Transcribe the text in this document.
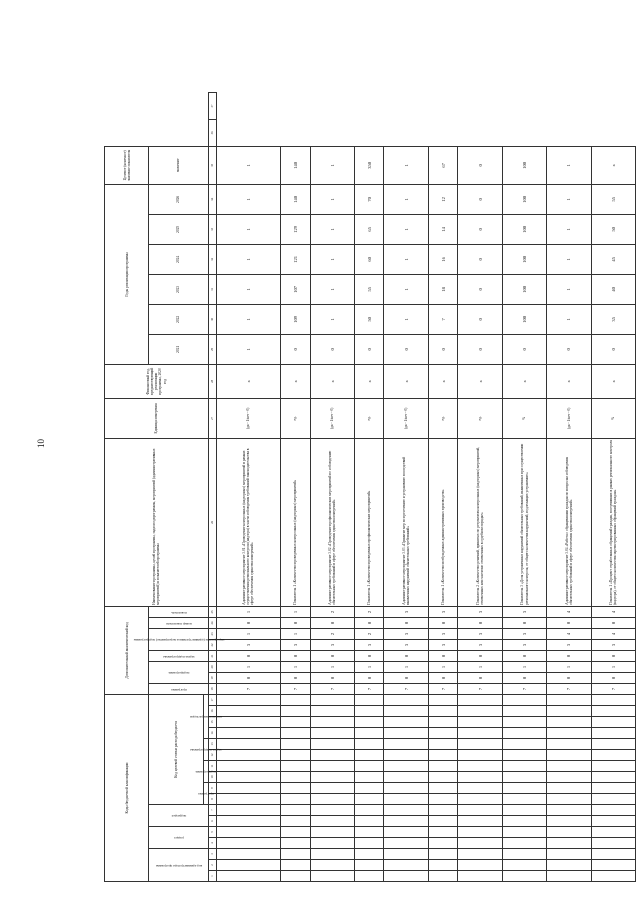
10
Коды бюджетной классификации																	Дополнительный аналитический код								Наименование программы, целей программы, задач подпрограммы, мероприятий (административных мероприятий) и показателей программы	Единица измерения	Финансовый год, предшествующий реализации программы, 2020 год	Годы реализации программы						Целевое (конечное) значение показателя		

код администратора программы			раздел		подраздел		Код целевой статьи расхода бюджета										программа	подпрограмма		задача подпрограммы	мероприятие (административное мероприятие) подпрограммы		номер показателя	показатель				2021	2022	2023	2024	2025	2026	значение		

							программа		подпрограмма		задача подпрограммы		направление расходов																							

1	2	3	4	5	6	7	8	9	10	11	12	13	14	15	16	17	18	19	20	21	22	23	24	25	26	27	28	29	30	31	32	33	34	35	36	37
																	7	0	1	0	3	1	0	1	Административное мероприятие 3.01 «Проведение контрольных (надзорных) мероприятий в рамках осуществления регионального контроля (надзора) в части соблюдения требований законодательства в сфере обеспечения единства измерений»	(да - 1/нет - 0)	х	1	1	1	1	1	1	1		
																	7	0	1	0	3	1	0	1	Показатель 1 «Количество проведенных контрольных (надзорных) мероприятий»	ед.	х	0	109	107	121	129	140	140		
																	7	0	1	0	3	2	0	2	Административное мероприятие 3.02 «Проведение профилактических мероприятий по соблюдению обязательных требований в сфере обеспечения единства измерений»	(да - 1/нет - 0)	х	0	1	1	1	1	1	1		
																	7	0	1	0	3	2	0	2	Показатель 1 «Количество проведенных профилактических мероприятий»	ед.	х	0	50	55	60	65	70	350		
																	7	0	1	0	3	3	0	3	Административное мероприятие 3.03 «Принятие мер по пресечению и устранению последствий выявленных нарушений обязательных требований»	(да - 1/нет - 0)	х	0	1	1	1	1	1	1		
																	7	0	1	0	3	3	0	3	Показатель 1 «Количество возбужденных административных производств»	ед.	х	0	7	18	16	14	12	67		
																	7	0	1	0	3	3	0	3	Показатель 2 «Количество решений, принятых по результатам контрольных (надзорных) мероприятий, отмененных или частично отмененных в судебном порядке»	ед.	х	0	0	0	0	0	0	0		
																	7	0	1	0	3	3	0	3	Показатель 3 «Доля устраненных нарушений обязательных требований, выявленных при осуществлении регионального контроля, от общего количества нарушений, подлежащих устранению»	%	х	0	100	100	100	100	100	100		
																	7	0	1	0	3	4	0	4	Административное мероприятие 3.04 «Работа с обращениями граждан по вопросам соблюдения обязательных требований в сфере обеспечения единства измерений»	(да - 1/нет - 0)	х	0	1	1	1	1	1	1		
																	7	0	1	0	3	4	0	4	Показатель 1 «Процент отработанных обращений граждан, поступивших в рамках регионального контроля (надзора), от общего количества зарегистрированных обращений граждан»	%	х	0	35	40	45	50	55	х		
